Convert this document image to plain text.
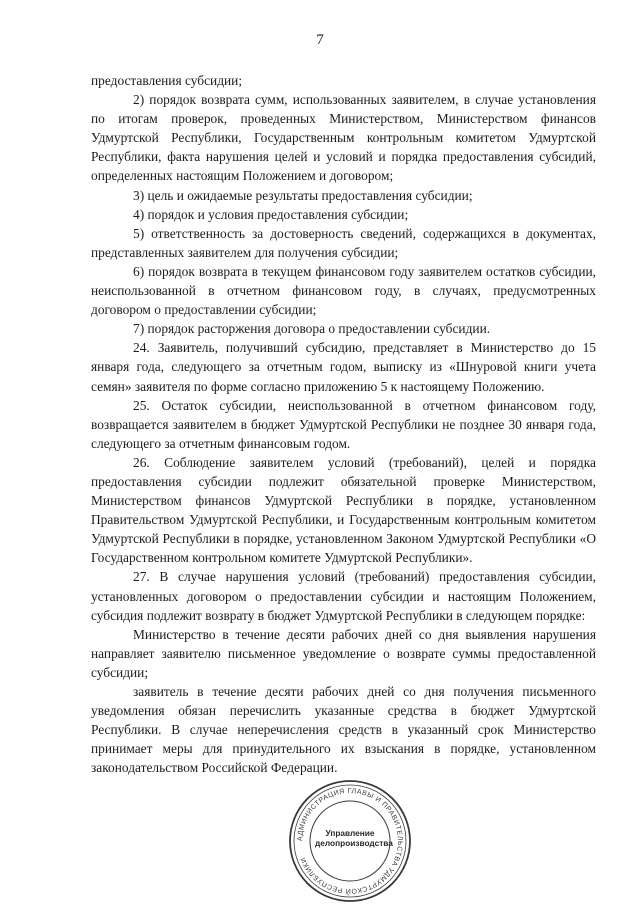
7

предоставления субсидии;

2) порядок возврата сумм, использованных заявителем, в случае установления по итогам проверок, проведенных Министерством, Министерством финансов Удмуртской Республики, Государственным контрольным комитетом Удмуртской Республики, факта нарушения целей и условий и порядка предоставления субсидий, определенных настоящим Положением и договором;

3) цель и ожидаемые результаты предоставления субсидии;

4) порядок и условия предоставления субсидии;

5) ответственность за достоверность сведений, содержащихся в документах, представленных заявителем для получения субсидии;

6) порядок возврата в текущем финансовом году заявителем остатков субсидии, неиспользованной в отчетном финансовом году, в случаях, предусмотренных договором о предоставлении субсидии;

7) порядок расторжения договора о предоставлении субсидии.

24. Заявитель, получивший субсидию, представляет в Министерство до 15 января года, следующего за отчетным годом, выписку из «Шнуровой книги учета семян» заявителя по форме согласно приложению 5 к настоящему Положению.

25. Остаток субсидии, неиспользованной в отчетном финансовом году, возвращается заявителем в бюджет Удмуртской Республики не позднее 30 января года, следующего за отчетным финансовым годом.

26. Соблюдение заявителем условий (требований), целей и порядка предоставления субсидии подлежит обязательной проверке Министерством, Министерством финансов Удмуртской Республики в порядке, установленном Правительством Удмуртской Республики, и Государственным контрольным комитетом Удмуртской Республики в порядке, установленном Законом Удмуртской Республики «О Государственном контрольном комитете Удмуртской Республики».

27. В случае нарушения условий (требований) предоставления субсидии, установленных договором о предоставлении субсидии и настоящим Положением, субсидия подлежит возврату в бюджет Удмуртской Республики в следующем порядке:

Министерство в течение десяти рабочих дней со дня выявления нарушения направляет заявителю письменное уведомление о возврате суммы предоставленной субсидии;

заявитель в течение десяти рабочих дней со дня получения письменного уведомления обязан перечислить указанные средства в бюджет Удмуртской Республики. В случае неперечисления средств в указанный срок Министерство принимает меры для принудительного их взыскания в порядке, установленном законодательством Российской Федерации.

АДМИНИСТРАЦИЯ ГЛАВЫ И ПРАВИТЕЛЬСТВА УДМУРТСКОЙ РЕСПУБЛИКИ
Управление
делопроизводства
